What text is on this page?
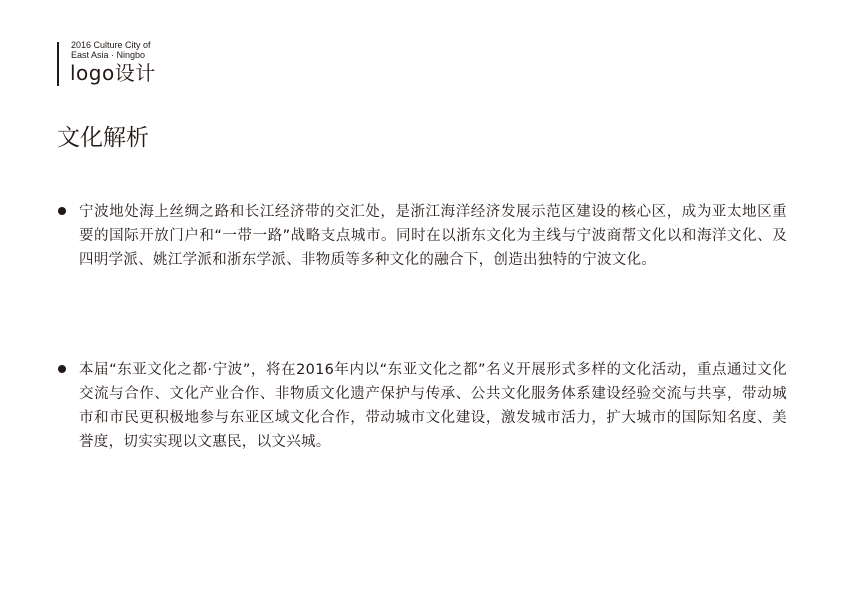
2016 Culture City of
East Asia · Ningbo
logo设计
文化解析

宁波地处海上丝绸之路和长江经济带的交汇处，是浙江海洋经济发展示范区建设的核心区，成为亚太地区重要的国际开放门户和“一带一路”战略支点城市。同时在以浙东文化为主线与宁波商帮文化以和海洋文化、及四明学派、姚江学派和浙东学派、非物质等多种文化的融合下，创造出独特的宁波文化。

本届“东亚文化之都·宁波”，将在2016年内以“东亚文化之都”名义开展形式多样的文化活动，重点通过文化交流与合作、文化产业合作、非物质文化遗产保护与传承、公共文化服务体系建设经验交流与共享，带动城市和市民更积极地参与东亚区域文化合作，带动城市文化建设，激发城市活力，扩大城市的国际知名度、美誉度，切实实现以文惠民，以文兴城。
